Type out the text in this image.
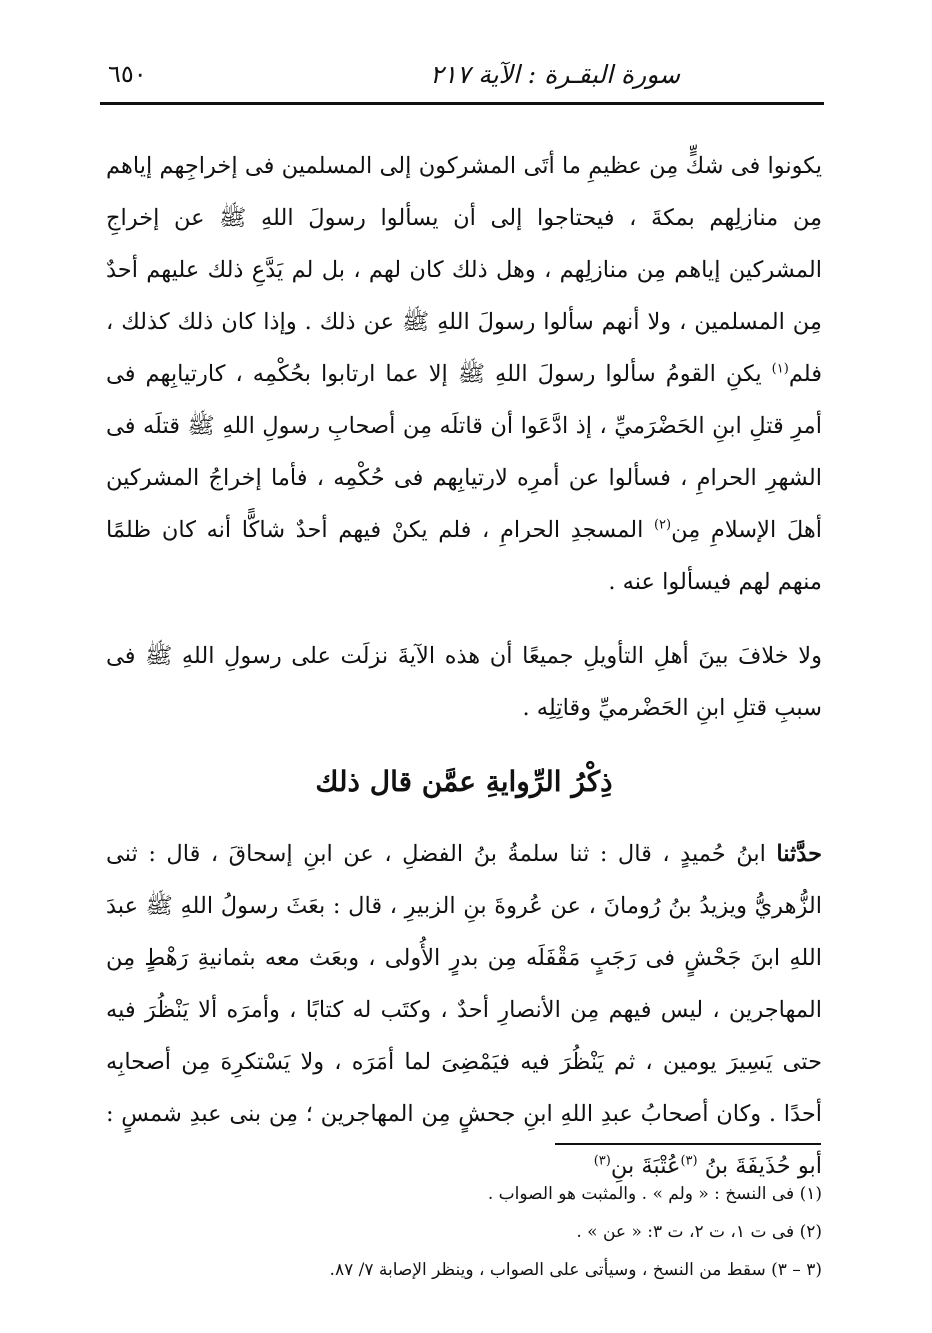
٦٥٠	سورة البقـرة : الآية ٢١٧

يكونوا فى شكٍّ مِن عظيمِ ما أتَى المشركون إلى المسلمين فى إخراجِهم إياهم مِن منازلِهم بمكةَ ، فيحتاجوا إلى أن يسألوا رسولَ اللهِ ﷺ عن إخراجِ المشركين إياهم مِن منازلِهم ، وهل ذلك كان لهم ، بل لم يَدَّعِ ذلك عليهم أحدٌ مِن المسلمين ، ولا أنهم سألوا رسولَ اللهِ ﷺ عن ذلك . وإذا كان ذلك كذلك ، فلم$^{(١)}$ يكنِ القومُ سألوا رسولَ اللهِ ﷺ إلا عما ارتابوا بحُكْمِه ، كارتيابِهم فى أمرِ قتلِ ابنِ الحَضْرَميِّ ، إذ ادَّعَوا أن قاتلَه مِن أصحابِ رسولِ اللهِ ﷺ قتلَه فى الشهرِ الحرامِ ، فسألوا عن أمرِه لارتيابِهم فى حُكْمِه ، فأما إخراجُ المشركين أهلَ الإسلامِ مِن$^{(٢)}$ المسجدِ الحرامِ ، فلم يكنْ فيهم أحدٌ شاكًّا أنه كان ظلمًا منهم لهم فيسألوا عنه .

ولا خلافَ بينَ أهلِ التأويلِ جميعًا أن هذه الآيةَ نزلَت على رسولِ اللهِ ﷺ فى سببِ قتلِ ابنِ الحَضْرميِّ وقاتِلِه .

ذِكْرُ الرِّوايةِ عمَّن قال ذلك

حدَّثنا ابنُ حُميدٍ ، قال : ثنا سلمةُ بنُ الفضلِ ، عن ابنِ إسحاقَ ، قال : ثنى الزُّهريُّ ويزيدُ بنُ رُومانَ ، عن عُروةَ بنِ الزبيرِ ، قال : بعَثَ رسولُ اللهِ ﷺ عبدَ اللهِ ابنَ جَحْشٍ فى رَجَبٍ مَقْفَلَه مِن بدرٍ الأُولى ، وبعَث معه بثمانيةِ رَهْطٍ مِن المهاجرين ، ليس فيهم مِن الأنصارِ أحدٌ ، وكتَب له كتابًا ، وأمرَه ألا يَنْظُرَ فيه حتى يَسِيرَ يومين ، ثم يَنْظُرَ فيه فيَمْضِىَ لما أمَرَه ، ولا يَسْتكرِهَ مِن أصحابِه أحدًا . وكان أصحابُ عبدِ اللهِ ابنِ جحشٍ مِن المهاجرين ؛ مِن بنى عبدِ شمسٍ : أبو حُذَيفَةَ بنُ $^{(٣)}$عُتْبَةَ بنِ$^{(٣)}$

(١) فى النسخ : « ولم » . والمثبت هو الصواب .

(٢) فى ت ١، ت ٢، ت ٣: « عن » .

(٣ – ٣) سقط من النسخ ، وسيأتى على الصواب ، وينظر الإصابة ٧/ ٨٧.
